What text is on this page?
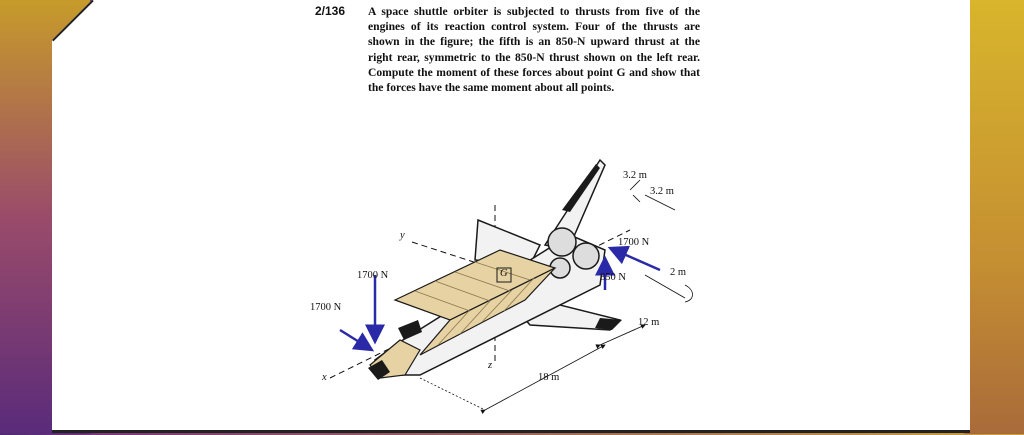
2/136 A space shuttle orbiter is subjected to thrusts from five of the engines of its reaction control system. Four of the thrusts are shown in the figure; the fifth is an 850-N upward thrust at the right rear, symmetric to the 850-N thrust shown on the left rear. Compute the moment of these forces about point G and show that the forces have the same moment about all points.
3.2 m
3.2 m
1700 N
850 N	2 m
12 m
18 m
1700 N
1700 N
y
x
z
G
